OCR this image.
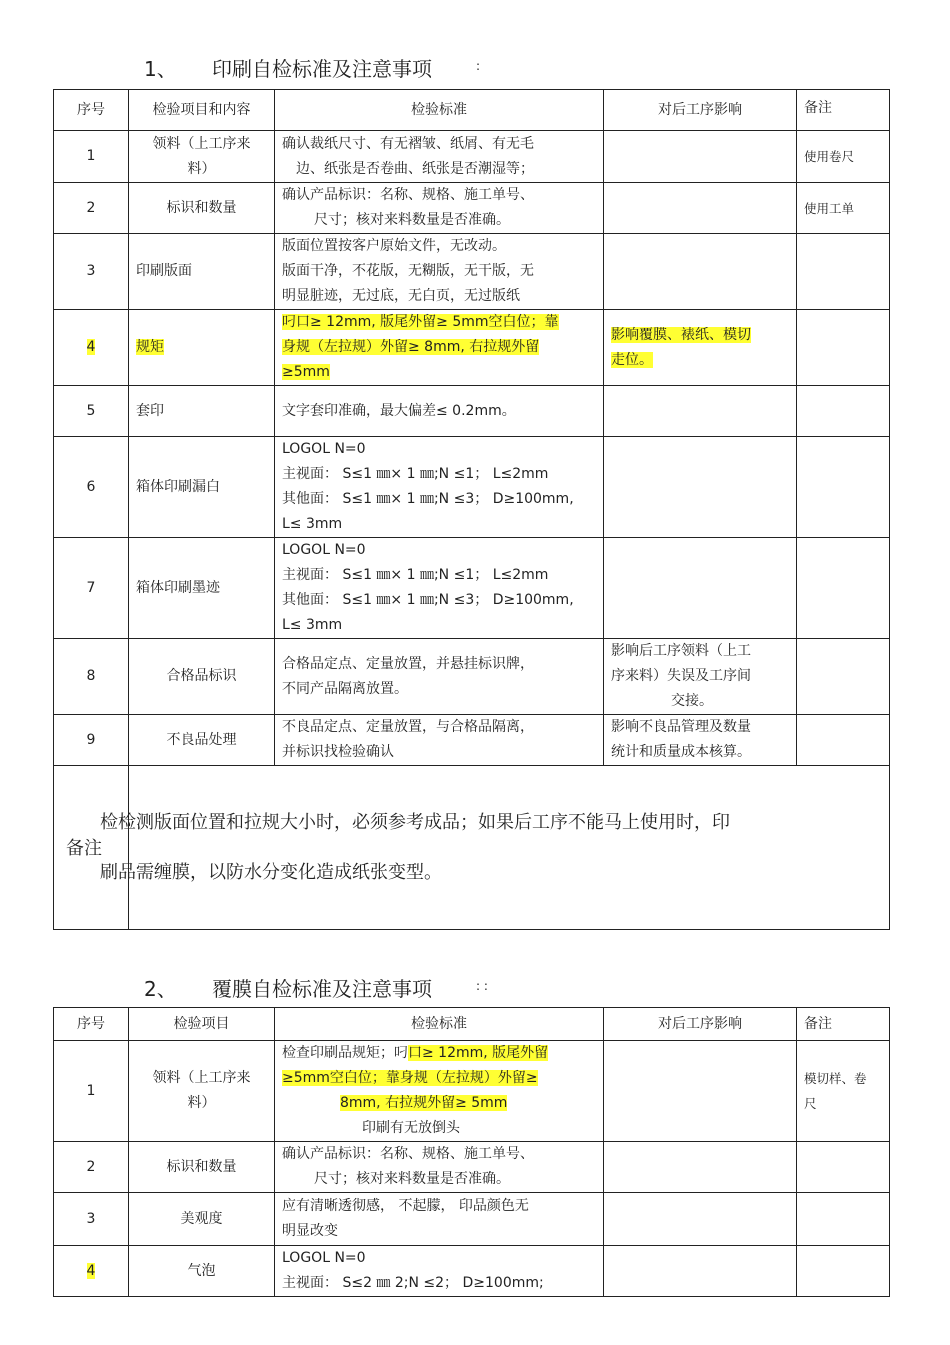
1、 印刷自检标准及注意事项	:
序号	检验项目和内容	检验标准	对后工序影响	备注
1	领料（上工序来
料）	确认裁纸尺寸、有无褶皱、纸屑、有无毛
边、纸张是否卷曲、纸张是否潮湿等；		使用卷尺
2	标识和数量	确认产品标识：名称、规格、施工单号、
尺寸；核对来料数量是否准确。		使用工单
3	印刷版面	版面位置按客户原始文件，无改动。
版面干净，不花版，无糊版，无干版，无
明显脏迹，无过底，无白页，无过版纸		

4	规矩	叼口≥ 12mm, 版尾外留≥ 5mm空白位；靠
身规（左拉规）外留≥ 8mm, 右拉规外留
≥5mm	影响覆膜、裱纸、模切
走位。	

5	套印	文字套印准确，最大偏差≤ 0.2mm。		
6	箱体印刷漏白	LOGOL N=0
主视面： S≤1 ㎜× 1 ㎜;N ≤1； L≤2mm
其他面： S≤1 ㎜× 1 ㎜;N ≤3； D≥100mm,
L≤ 3mm		

7	箱体印刷墨迹	LOGOL N=0
主视面： S≤1 ㎜× 1 ㎜;N ≤1； L≤2mm
其他面： S≤1 ㎜× 1 ㎜;N ≤3； D≥100mm,
L≤ 3mm		

8	合格品标识	合格品定点、定量放置，并悬挂标识牌，
不同产品隔离放置。	影响后工序领料（上工
序来料）失误及工序间
交接。	

9	不良品处理	不良品定点、定量放置，与合格品隔离，
并标识找检验确认	影响不良品管理及数量
统计和质量成本核算。	

检检测版面位置和拉规大小时，必须参考成品；如果后工序不能马上使用时，印
备注
刷品需缠膜，以防水分变化造成纸张变型。
2、 覆膜自检标准及注意事项	: :
序号	检验项目	检验标准	对后工序影响	备注
1	领料（上工序来
料）	检查印刷品规矩；叼口≥ 12mm, 版尾外留
≥5mm空白位；靠身规（左拉规）外留≥
8mm, 右拉规外留≥ 5mm
印刷有无放倒头		模切样、卷
尺

2	标识和数量	确认产品标识：名称、规格、施工单号、
尺寸；核对来料数量是否准确。		

3	美观度	应有清晰透彻感， 不起朦， 印品颜色无
明显改变		

4	气泡	LOGOL N=0
主视面： S≤2 ㎜ 2;N ≤2； D≥100mm;		
